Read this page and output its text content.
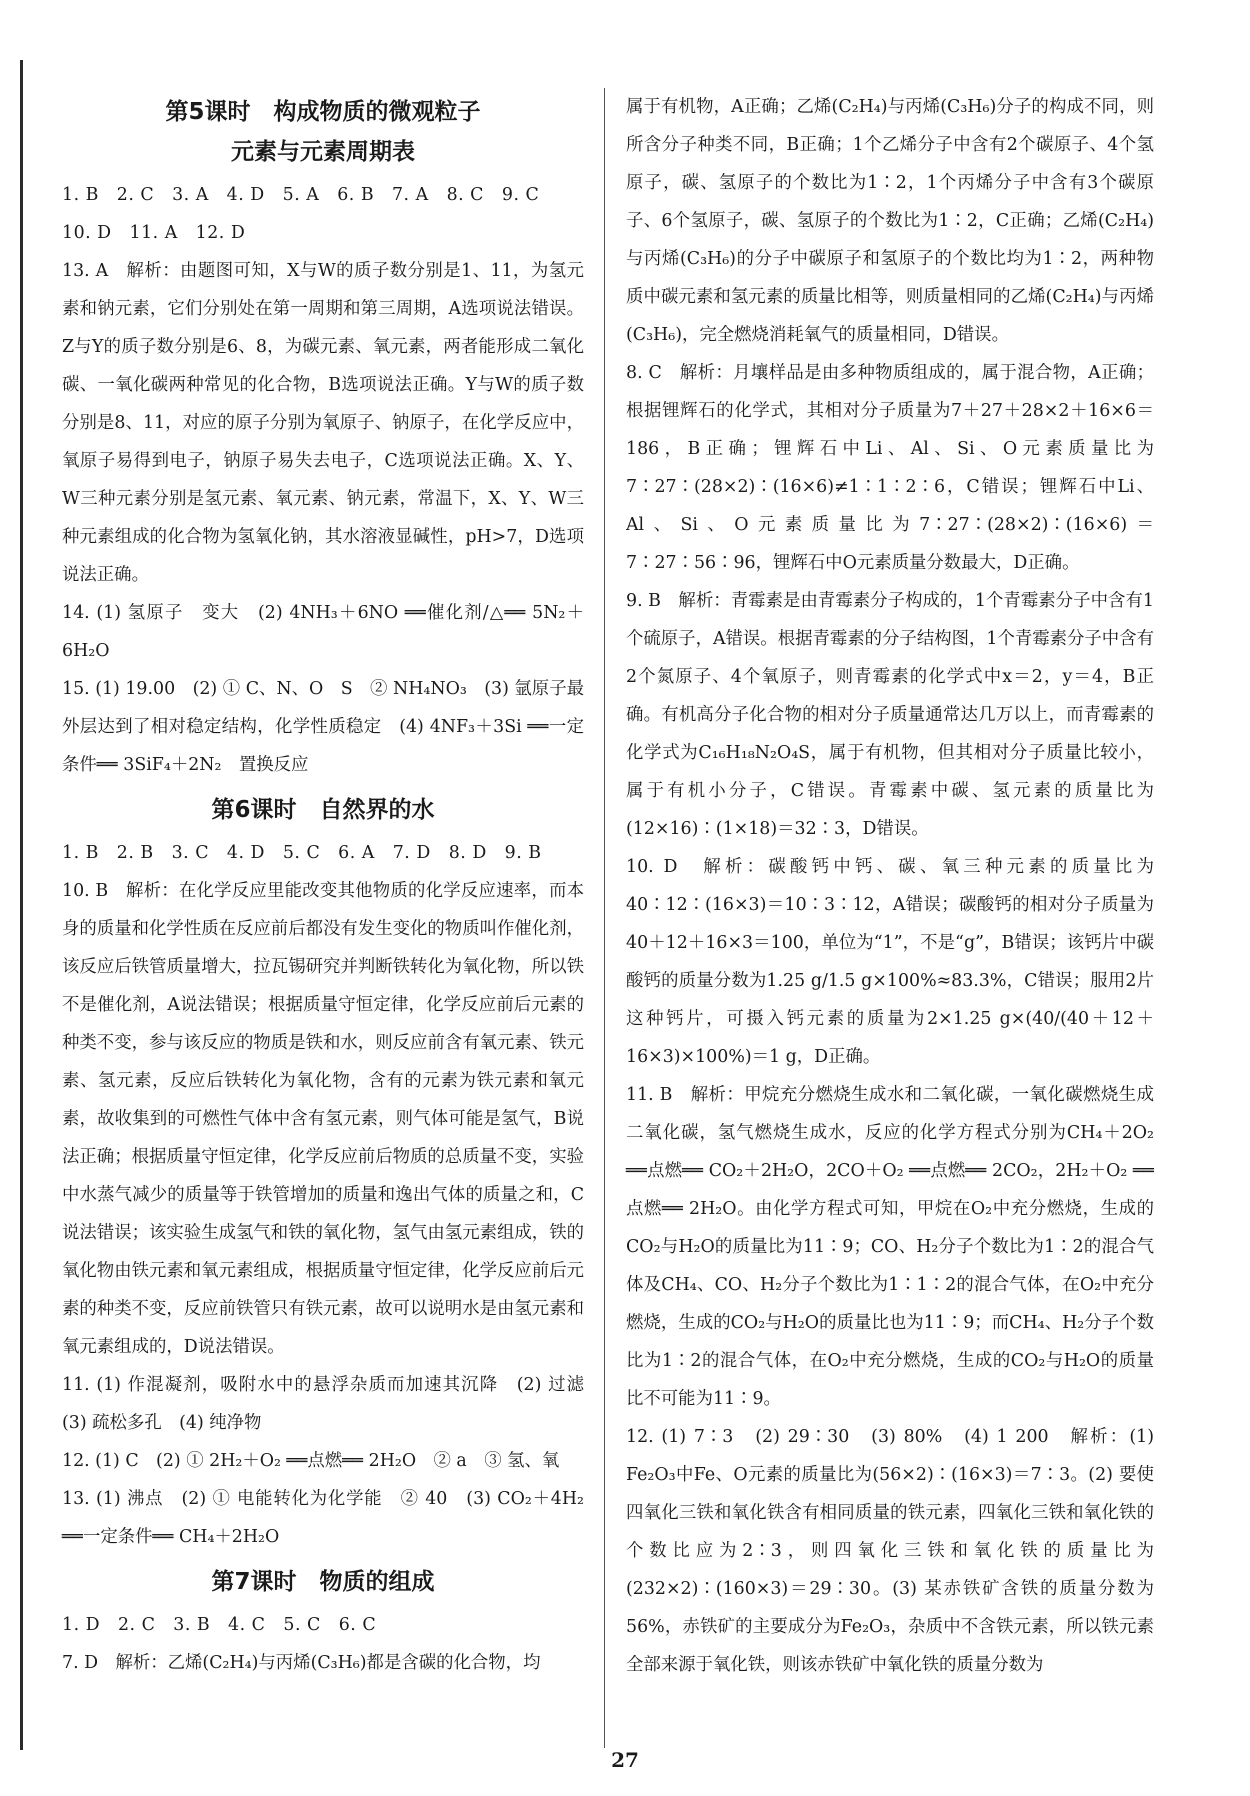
第5课时　构成物质的微观粒子
元素与元素周期表

1. B　2. C　3. A　4. D　5. A　6. B　7. A　8. C　9. C

10. D　11. A　12. D

13. A　解析：由题图可知，X与W的质子数分别是1、11，为氢元素和钠元素，它们分别处在第一周期和第三周期，A选项说法错误。Z与Y的质子数分别是6、8，为碳元素、氧元素，两者能形成二氧化碳、一氧化碳两种常见的化合物，B选项说法正确。Y与W的质子数分别是8、11，对应的原子分别为氧原子、钠原子，在化学反应中，氧原子易得到电子，钠原子易失去电子，C选项说法正确。X、Y、W三种元素分别是氢元素、氧元素、钠元素，常温下，X、Y、W三种元素组成的化合物为氢氧化钠，其水溶液显碱性，pH>7，D选项说法正确。

14. (1) 氢原子　变大　(2) 4NH₃＋6NO ══催化剂/△══ 5N₂＋6H₂O

15. (1) 19.00　(2) ① C、N、O　S　② NH₄NO₃　(3) 氩原子最外层达到了相对稳定结构，化学性质稳定　(4) 4NF₃＋3Si ══一定条件══ 3SiF₄＋2N₂　置换反应

第6课时　自然界的水

1. B　2. B　3. C　4. D　5. C　6. A　7. D　8. D　9. B

10. B　解析：在化学反应里能改变其他物质的化学反应速率，而本身的质量和化学性质在反应前后都没有发生变化的物质叫作催化剂，该反应后铁管质量增大，拉瓦锡研究并判断铁转化为氧化物，所以铁不是催化剂，A说法错误；根据质量守恒定律，化学反应前后元素的种类不变，参与该反应的物质是铁和水，则反应前含有氧元素、铁元素、氢元素，反应后铁转化为氧化物，含有的元素为铁元素和氧元素，故收集到的可燃性气体中含有氢元素，则气体可能是氢气，B说法正确；根据质量守恒定律，化学反应前后物质的总质量不变，实验中水蒸气减少的质量等于铁管增加的质量和逸出气体的质量之和，C说法错误；该实验生成氢气和铁的氧化物，氢气由氢元素组成，铁的氧化物由铁元素和氧元素组成，根据质量守恒定律，化学反应前后元素的种类不变，反应前铁管只有铁元素，故可以说明水是由氢元素和氧元素组成的，D说法错误。

11. (1) 作混凝剂，吸附水中的悬浮杂质而加速其沉降　(2) 过滤　(3) 疏松多孔　(4) 纯净物

12. (1) C　(2) ① 2H₂＋O₂ ══点燃══ 2H₂O　② a　③ 氢、氧

13. (1) 沸点　(2) ① 电能转化为化学能　② 40　(3) CO₂＋4H₂ ══一定条件══ CH₄＋2H₂O

第7课时　物质的组成

1. D　2. C　3. B　4. C　5. C　6. C

7. D　解析：乙烯(C₂H₄)与丙烯(C₃H₆)都是含碳的化合物，均

属于有机物，A正确；乙烯(C₂H₄)与丙烯(C₃H₆)分子的构成不同，则所含分子种类不同，B正确；1个乙烯分子中含有2个碳原子、4个氢原子，碳、氢原子的个数比为1∶2，1个丙烯分子中含有3个碳原子、6个氢原子，碳、氢原子的个数比为1∶2，C正确；乙烯(C₂H₄)与丙烯(C₃H₆)的分子中碳原子和氢原子的个数比均为1∶2，两种物质中碳元素和氢元素的质量比相等，则质量相同的乙烯(C₂H₄)与丙烯(C₃H₆)，完全燃烧消耗氧气的质量相同，D错误。

8. C　解析：月壤样品是由多种物质组成的，属于混合物，A正确；根据锂辉石的化学式，其相对分子质量为7＋27＋28×2＋16×6＝186，B正确；锂辉石中Li、Al、Si、O元素质量比为7∶27∶(28×2)∶(16×6)≠1∶1∶2∶6，C错误；锂辉石中Li、Al、Si、O元素质量比为7∶27∶(28×2)∶(16×6)＝7∶27∶56∶96，锂辉石中O元素质量分数最大，D正确。

9. B　解析：青霉素是由青霉素分子构成的，1个青霉素分子中含有1个硫原子，A错误。根据青霉素的分子结构图，1个青霉素分子中含有2个氮原子、4个氧原子，则青霉素的化学式中x＝2，y＝4，B正确。有机高分子化合物的相对分子质量通常达几万以上，而青霉素的化学式为C₁₆H₁₈N₂O₄S，属于有机物，但其相对分子质量比较小，属于有机小分子，C错误。青霉素中碳、氢元素的质量比为(12×16)∶(1×18)＝32∶3，D错误。

10. D　解析：碳酸钙中钙、碳、氧三种元素的质量比为40∶12∶(16×3)＝10∶3∶12，A错误；碳酸钙的相对分子质量为40＋12＋16×3＝100，单位为“1”，不是“g”，B错误；该钙片中碳酸钙的质量分数为1.25 g/1.5 g×100%≈83.3%，C错误；服用2片这种钙片，可摄入钙元素的质量为2×1.25 g×(40/(40＋12＋16×3)×100%)＝1 g，D正确。

11. B　解析：甲烷充分燃烧生成水和二氧化碳，一氧化碳燃烧生成二氧化碳，氢气燃烧生成水，反应的化学方程式分别为CH₄＋2O₂ ══点燃══ CO₂＋2H₂O，2CO＋O₂ ══点燃══ 2CO₂，2H₂＋O₂ ══点燃══ 2H₂O。由化学方程式可知，甲烷在O₂中充分燃烧，生成的CO₂与H₂O的质量比为11∶9；CO、H₂分子个数比为1∶2的混合气体及CH₄、CO、H₂分子个数比为1∶1∶2的混合气体，在O₂中充分燃烧，生成的CO₂与H₂O的质量比也为11∶9；而CH₄、H₂分子个数比为1∶2的混合气体，在O₂中充分燃烧，生成的CO₂与H₂O的质量比不可能为11∶9。

12. (1) 7∶3　(2) 29∶30　(3) 80%　(4) 1 200　解析：(1) Fe₂O₃中Fe、O元素的质量比为(56×2)∶(16×3)＝7∶3。(2) 要使四氧化三铁和氧化铁含有相同质量的铁元素，四氧化三铁和氧化铁的个数比应为2∶3，则四氧化三铁和氧化铁的质量比为(232×2)∶(160×3)＝29∶30。(3) 某赤铁矿含铁的质量分数为56%，赤铁矿的主要成分为Fe₂O₃，杂质中不含铁元素，所以铁元素全部来源于氧化铁，则该赤铁矿中氧化铁的质量分数为

27
